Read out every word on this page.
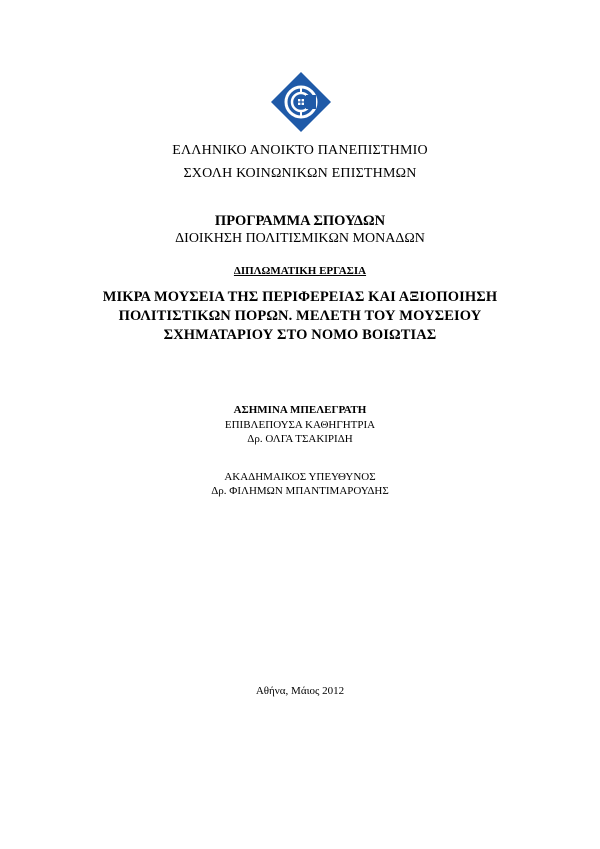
ΕΛΛΗΝΙΚΟ ΑΝΟΙΚΤΟ ΠΑΝΕΠΙΣΤΗΜΙΟ
ΣΧΟΛΗ ΚΟΙΝΩΝΙΚΩΝ ΕΠΙΣΤΗΜΩΝ
ΠΡΟΓΡΑΜΜΑ ΣΠΟΥΔΩΝ
ΔΙΟΙΚΗΣΗ ΠΟΛΙΤΙΣΜΙΚΩΝ ΜΟΝΑΔΩΝ
ΔΙΠΛΩΜΑΤΙΚΗ ΕΡΓΑΣΙΑ
ΜΙΚΡΑ ΜΟΥΣΕΙΑ ΤΗΣ ΠΕΡΙΦΕΡΕΙΑΣ ΚΑΙ ΑΞΙΟΠΟΙΗΣΗ
ΠΟΛΙΤΙΣΤΙΚΩΝ ΠΟΡΩΝ. ΜΕΛΕΤΗ ΤΟΥ ΜΟΥΣΕΙΟΥ
ΣΧΗΜΑΤΑΡΙΟΥ ΣΤΟ ΝΟΜΟ ΒΟΙΩΤΙΑΣ
ΑΣΗΜΙΝΑ ΜΠΕΛΕΓΡΑΤΗ
ΕΠΙΒΛΕΠΟΥΣΑ ΚΑΘΗΓΗΤΡΙΑ
Δρ. ΟΛΓΑ ΤΣΑΚΙΡΙΔΗ
ΑΚΑΔΗΜΑΙΚΟΣ ΥΠΕΥΘΥΝΟΣ
Δρ. ΦΙΛΗΜΩΝ ΜΠΑΝΤΙΜΑΡΟΥΔΗΣ
Αθήνα, Μάιος 2012
